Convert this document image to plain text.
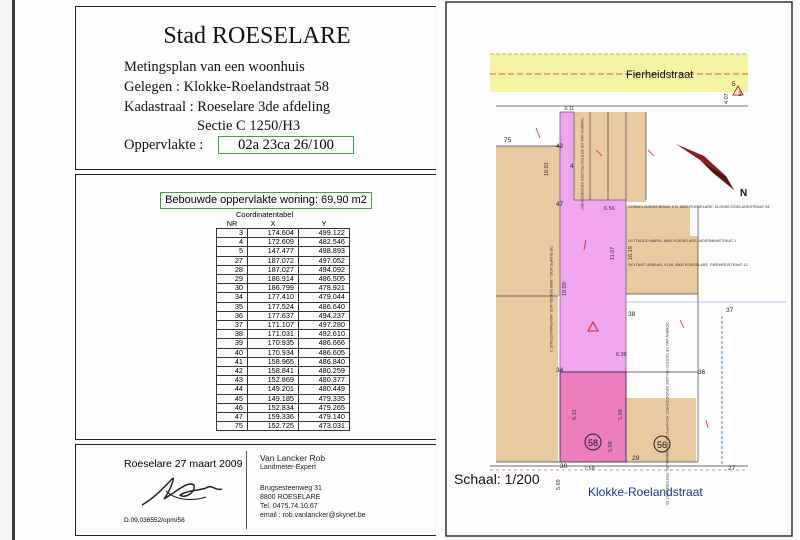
Stad ROESELARE
Metingsplan van een woonhuis
Gelegen : Klokke-Roelandstraat 58
Kadastraal : Roeselare 3de afdeling
Sectie C 1250/H3
Oppervlakte :	02a 23ca 26/100
Bebouwde oppervlakte woning: 69,90 m2
Coordinatentabel
NR	X	Y
3	174.604	499.122
4	172.609	482.546
5	147.477	498.893
27	187.072	497.052
28	187.027	494.092
29	186.914	486.505
30	186.799	478.921
34	177.410	479.044
35	177.524	486.640
36	177.637	494.237
37	171.107	497.280
38	171.031	492.610
39	170.935	486.666
40	170.934	486.605
41	158.965	486.840
42	158.841	480.259
43	152.869	480.377
44	149.201	480.449
45	149.185	479.335
46	152.834	479.265
47	159.336	479.140
75	152.725	473.031
Roeselare 27 maart 2009
D.09.036552/opm/58
Van Lancker Rob
Landmeter-Expert
Brugsesteenweg 31
8800 ROESELARE
Tel. 0475.74.10.67
email : rob.vanlancker@skynet.be
Fierheidstraat
58	56
Klokke-Roelandstraat
Schaal: 1/200
N
3
4
5
27
29
30
34	36
37
38
42
47
75
4.07
3.11
16.01
16.19
6.56
18.00
11.07
6.36
7.58
5.69
5.98
6.31	5.59
DOMEIN VAN DE GESTICHTELIJKE BEVOEGDHEID	CORNELISSENS BRAM, 5 D, 8800 ROESELARE, KLOKKE-ROELANDSTRAAT 54
UYTTADDO MARIA, 8800 ROESELARE, MOERMANSTRAAT 1
SKYTANT URBAAN, 9 D/6, 8800 ROESELARE, FIERHEIDSTRAAT 12
DE RUMPE NOEL, 8800 ROESELARE, MOERMANSTRAAT 2
DOMEIN VAN DE GESTICHTELIJKE BEVOEGDHEID, SCHAPPIJ DE MOEIMEMOLEN, ROTERMAANT 30
